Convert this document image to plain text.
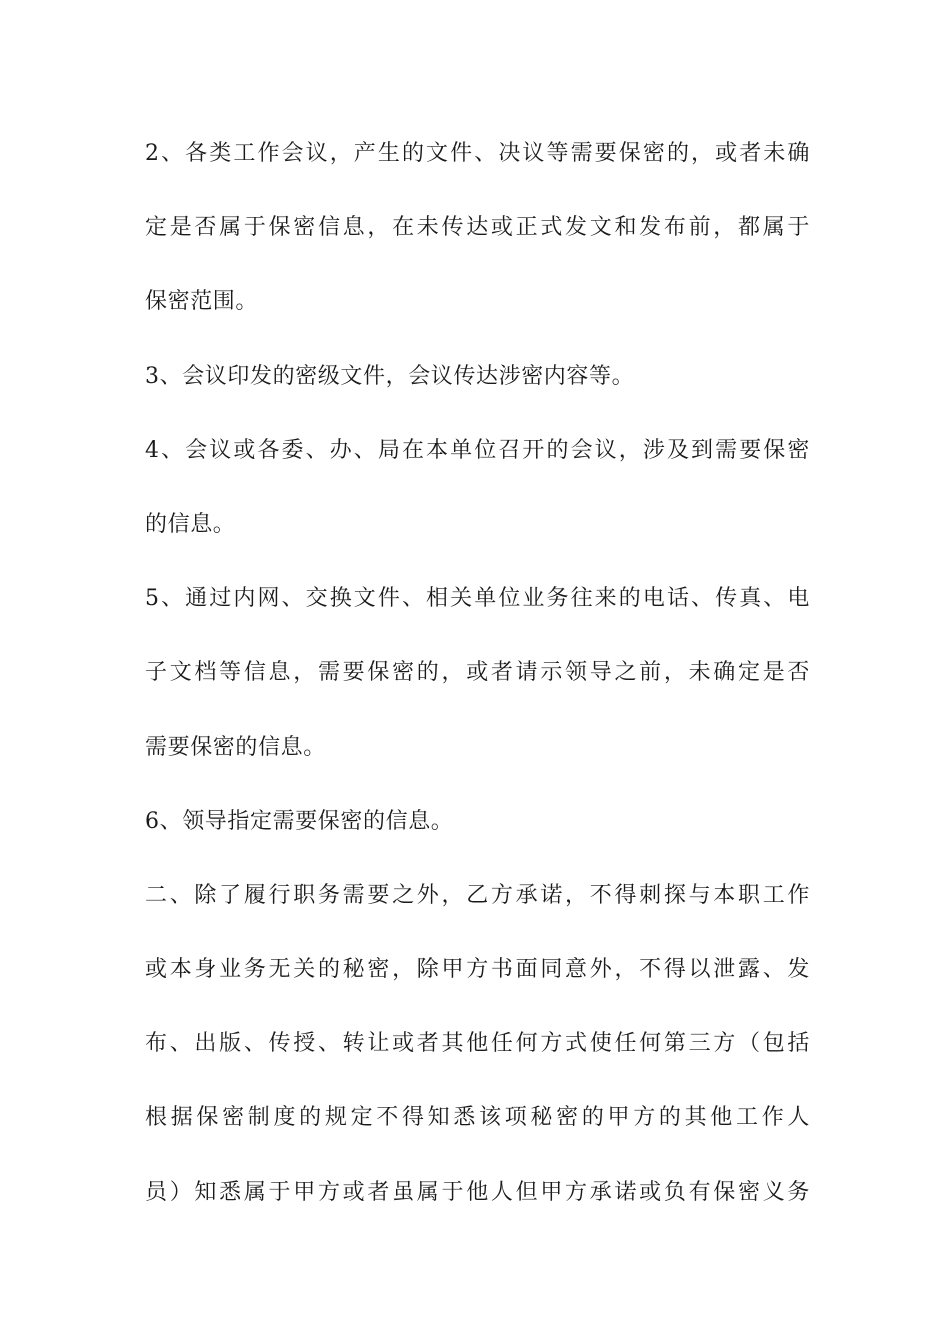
2、各类工作会议，产生的文件、决议等需要保密的，或者未确
定是否属于保密信息，在未传达或正式发文和发布前，都属于
保密范围。
3、会议印发的密级文件，会议传达涉密内容等。
4、会议或各委、办、局在本单位召开的会议，涉及到需要保密
的信息。
5、通过内网、交换文件、相关单位业务往来的电话、传真、电
子文档等信息，需要保密的，或者请示领导之前，未确定是否
需要保密的信息。
6、领导指定需要保密的信息。
二、除了履行职务需要之外，乙方承诺，不得刺探与本职工作
或本身业务无关的秘密，除甲方书面同意外，不得以泄露、发
布、出版、传授、转让或者其他任何方式使任何第三方（包括
根据保密制度的规定不得知悉该项秘密的甲方的其他工作人
员）知悉属于甲方或者虽属于他人但甲方承诺或负有保密义务
